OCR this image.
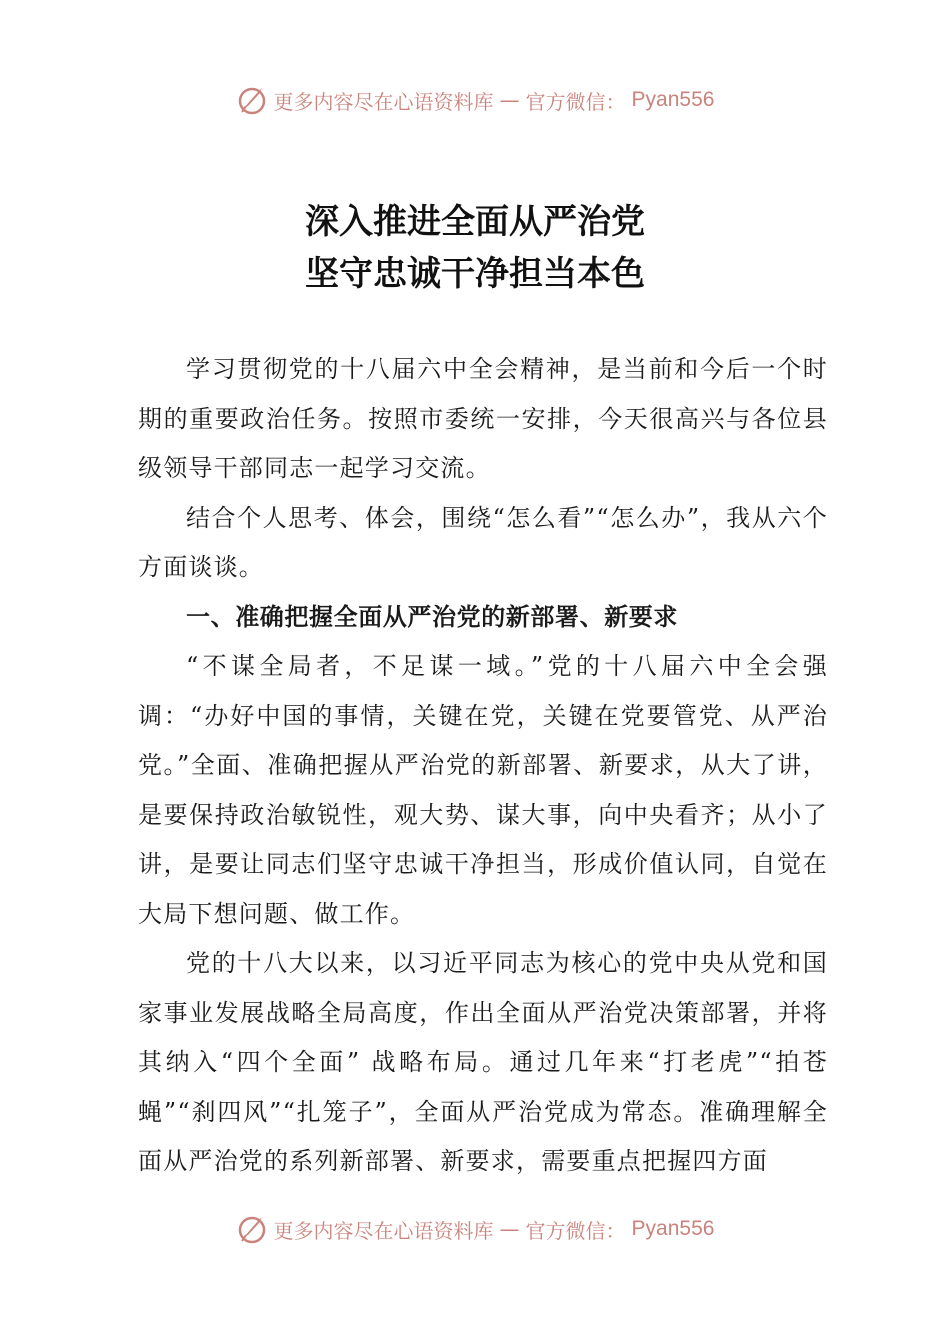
更多内容尽在心语资料库 — 官方微信： Pyan556
深入推进全面从严治党
坚守忠诚干净担当本色

学习贯彻党的十八届六中全会精神，是当前和今后一个时期的重要政治任务。按照市委统一安排，今天很高兴与各位县级领导干部同志一起学习交流。

结合个人思考、体会，围绕“怎么看”“怎么办”，我从六个方面谈谈。

一、准确把握全面从严治党的新部署、新要求

“不谋全局者，不足谋一域。”党的十八届六中全会强调：“办好中国的事情，关键在党，关键在党要管党、从严治党。”全面、准确把握从严治党的新部署、新要求，从大了讲，是要保持政治敏锐性，观大势、谋大事，向中央看齐；从小了讲，是要让同志们坚守忠诚干净担当，形成价值认同，自觉在大局下想问题、做工作。

党的十八大以来，以习近平同志为核心的党中央从党和国家事业发展战略全局高度，作出全面从严治党决策部署，并将其纳入“四个全面” 战略布局。通过几年来“打老虎”“拍苍蝇”“刹四风”“扎笼子”，全面从严治党成为常态。准确理解全面从严治党的系列新部署、新要求，需要重点把握四方面

更多内容尽在心语资料库 — 官方微信： Pyan556
